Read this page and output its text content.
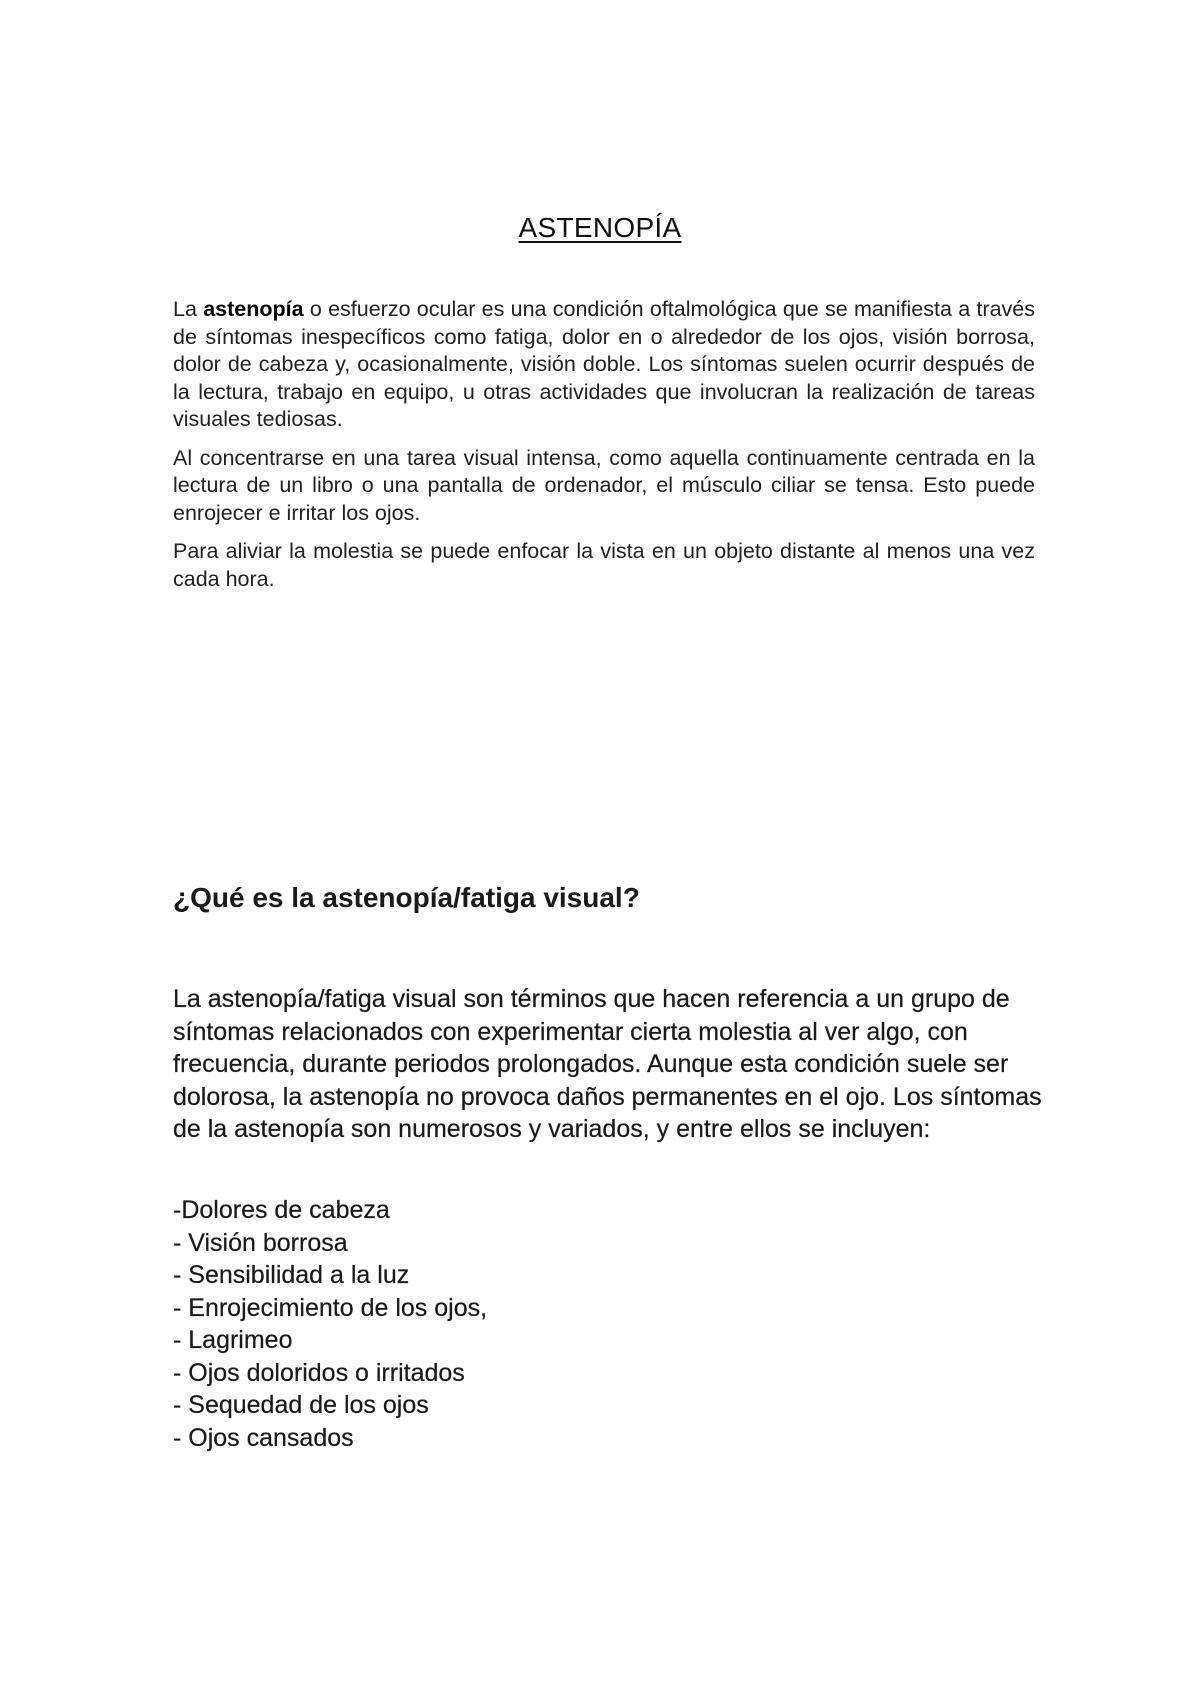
ASTENOPÍA

La astenopía o esfuerzo ocular es una condición oftalmológica que se manifiesta a través de síntomas inespecíficos como fatiga, dolor en o alrededor de los ojos, visión borrosa, dolor de cabeza y, ocasionalmente, visión doble. Los síntomas suelen ocurrir después de la lectura, trabajo en equipo, u otras actividades que involucran la realización de tareas visuales tediosas.

Al concentrarse en una tarea visual intensa, como aquella continuamente centrada en la lectura de un libro o una pantalla de ordenador, el músculo ciliar se tensa. Esto puede enrojecer e irritar los ojos.

Para aliviar la molestia se puede enfocar la vista en un objeto distante al menos una vez cada hora.

¿Qué es la astenopía/fatiga visual?

La astenopía/fatiga visual son términos que hacen referencia a un grupo de síntomas relacionados con experimentar cierta molestia al ver algo, con frecuencia, durante periodos prolongados. Aunque esta condición suele ser dolorosa, la astenopía no provoca daños permanentes en el ojo. Los síntomas de la astenopía son numerosos y variados, y entre ellos se incluyen:

-Dolores de cabeza
- Visión borrosa
- Sensibilidad a la luz
- Enrojecimiento de los ojos,
- Lagrimeo
- Ojos doloridos o irritados
- Sequedad de los ojos
- Ojos cansados
